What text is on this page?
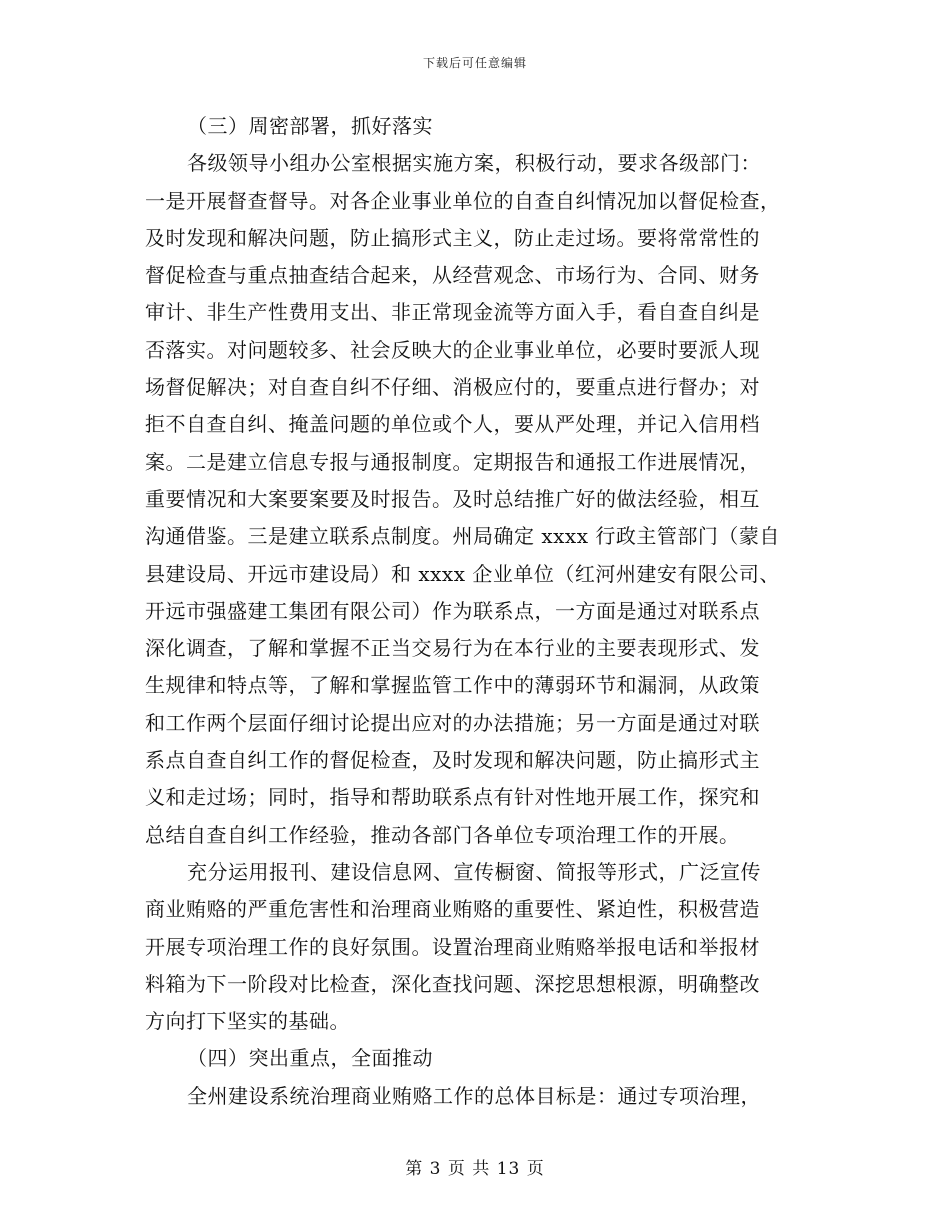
下载后可任意编辑
（三）周密部署，抓好落实
各级领导小组办公室根据实施方案，积极行动，要求各级部门：
一是开展督查督导。对各企业事业单位的自查自纠情况加以督促检查，
及时发现和解决问题，防止搞形式主义，防止走过场。要将常常性的
督促检查与重点抽查结合起来，从经营观念、市场行为、合同、财务
审计、非生产性费用支出、非正常现金流等方面入手，看自查自纠是
否落实。对问题较多、社会反映大的企业事业单位，必要时要派人现
场督促解决；对自查自纠不仔细、消极应付的，要重点进行督办；对
拒不自查自纠、掩盖问题的单位或个人，要从严处理，并记入信用档
案。二是建立信息专报与通报制度。定期报告和通报工作进展情况，
重要情况和大案要案要及时报告。及时总结推广好的做法经验，相互
沟通借鉴。三是建立联系点制度。州局确定 xxxx 行政主管部门（蒙自
县建设局、开远市建设局）和 xxxx 企业单位（红河州建安有限公司、
开远市强盛建工集团有限公司）作为联系点，一方面是通过对联系点
深化调查，了解和掌握不正当交易行为在本行业的主要表现形式、发
生规律和特点等，了解和掌握监管工作中的薄弱环节和漏洞，从政策
和工作两个层面仔细讨论提出应对的办法措施；另一方面是通过对联
系点自查自纠工作的督促检查，及时发现和解决问题，防止搞形式主
义和走过场；同时，指导和帮助联系点有针对性地开展工作，探究和
总结自查自纠工作经验，推动各部门各单位专项治理工作的开展。
充分运用报刊、建设信息网、宣传橱窗、简报等形式，广泛宣传
商业贿赂的严重危害性和治理商业贿赂的重要性、紧迫性，积极营造
开展专项治理工作的良好氛围。设置治理商业贿赂举报电话和举报材
料箱为下一阶段对比检查，深化查找问题、深挖思想根源，明确整改
方向打下坚实的基础。
（四）突出重点，全面推动
全州建设系统治理商业贿赂工作的总体目标是：通过专项治理，
第 3 页 共 13 页
